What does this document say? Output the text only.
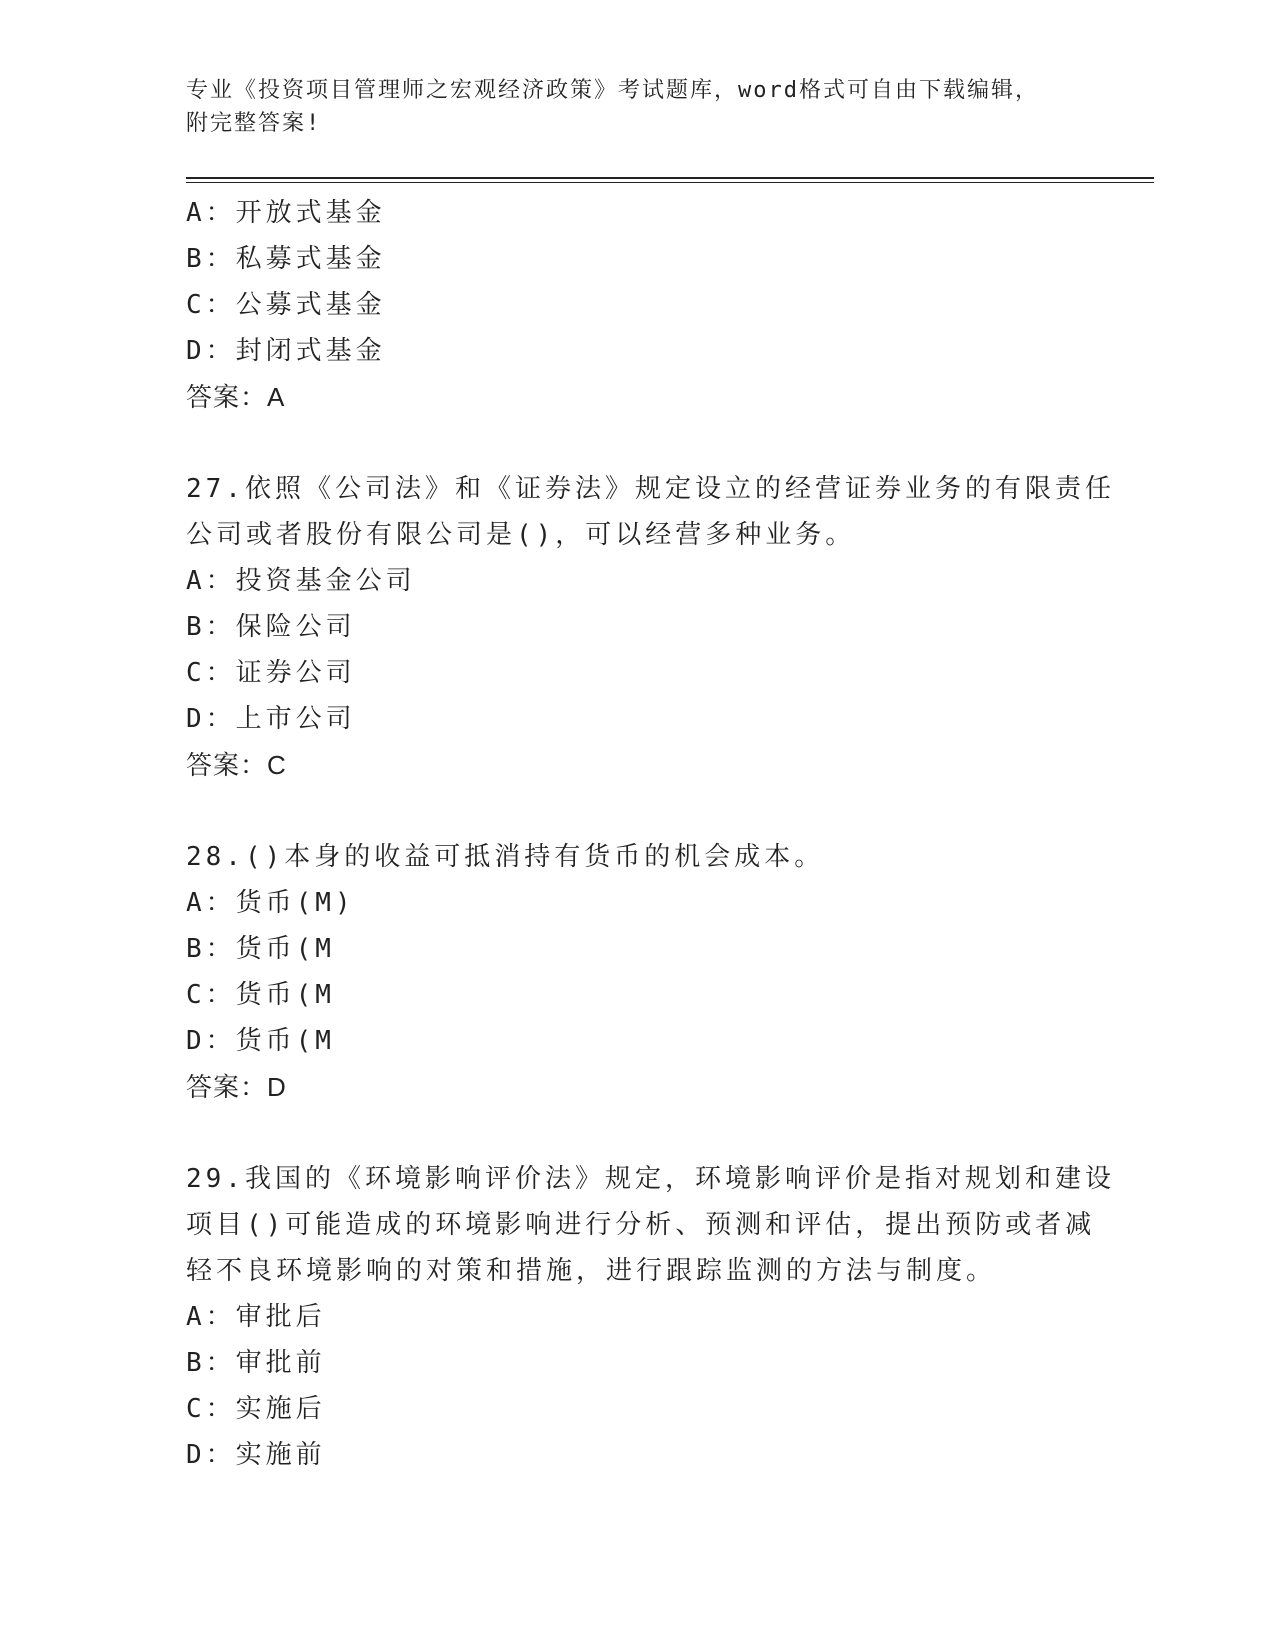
专业《投资项目管理师之宏观经济政策》考试题库，word格式可自由下载编辑，
附完整答案!
A：开放式基金
B：私募式基金
C：公募式基金
D：封闭式基金
答案：A
27.依照《公司法》和《证券法》规定设立的经营证券业务的有限责任
公司或者股份有限公司是()，可以经营多种业务。
A：投资基金公司
B：保险公司
C：证券公司
D：上市公司
答案：C
28.()本身的收益可抵消持有货币的机会成本。
A：货币(M)
B：货币(M
C：货币(M
D：货币(M
答案：D
29.我国的《环境影响评价法》规定，环境影响评价是指对规划和建设
项目()可能造成的环境影响进行分析、预测和评估，提出预防或者减
轻不良环境影响的对策和措施，进行跟踪监测的方法与制度。
A：审批后
B：审批前
C：实施后
D：实施前
